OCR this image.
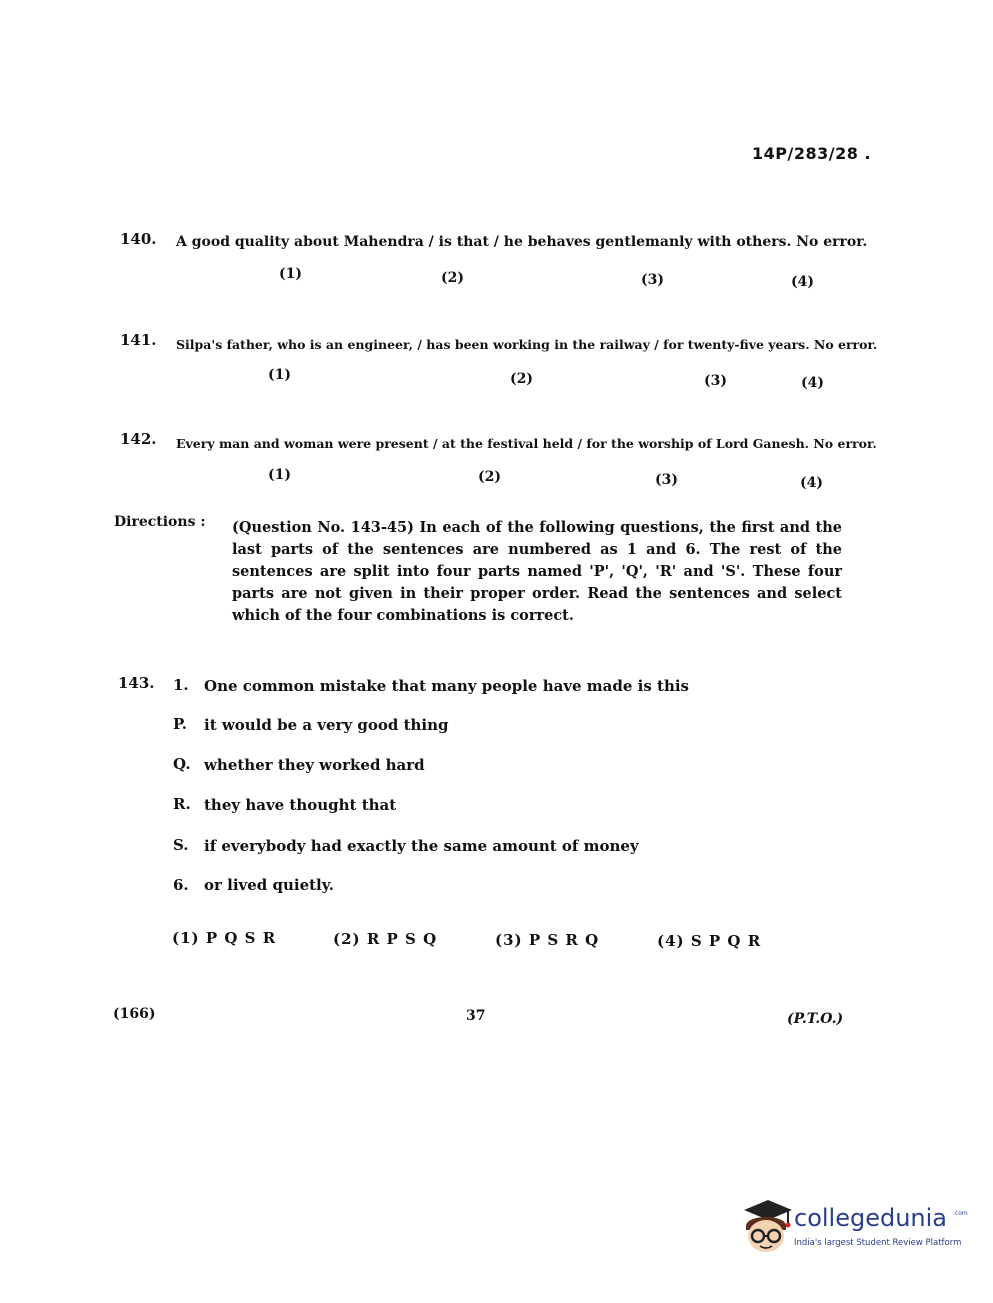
14P/283/28 .
140. A good quality about Mahendra / is that / he behaves gentlemanly with others. No error.
(1)	(2)	(3)	(4)
141. Silpa's father, who is an engineer, / has been working in the railway / for twenty-five years. No error.
(1)	(2)	(3)	(4)
142. Every man and woman were present / at the festival held / for the worship of Lord Ganesh. No error.
(1)	(2)	(3)	(4)
Directions : (Question No. 143-45) In each of the following questions, the first and the last parts of the sentences are numbered as 1 and 6. The rest of the sentences are split into four parts named 'P', 'Q', 'R' and 'S'. These four parts are not given in their proper order. Read the sentences and select which of the four combinations is correct.
143. 1. One common mistake that many people have made is this
P. it would be a very good thing
Q. whether they worked hard
R. they have thought that
S. if everybody had exactly the same amount of money
6. or lived quietly.
(1) P Q S R	(2) R P S Q	(3) P S R Q	(4) S P Q R
(166)	37	(P.T.O.)
collegedunia .com
India's largest Student Review Platform
